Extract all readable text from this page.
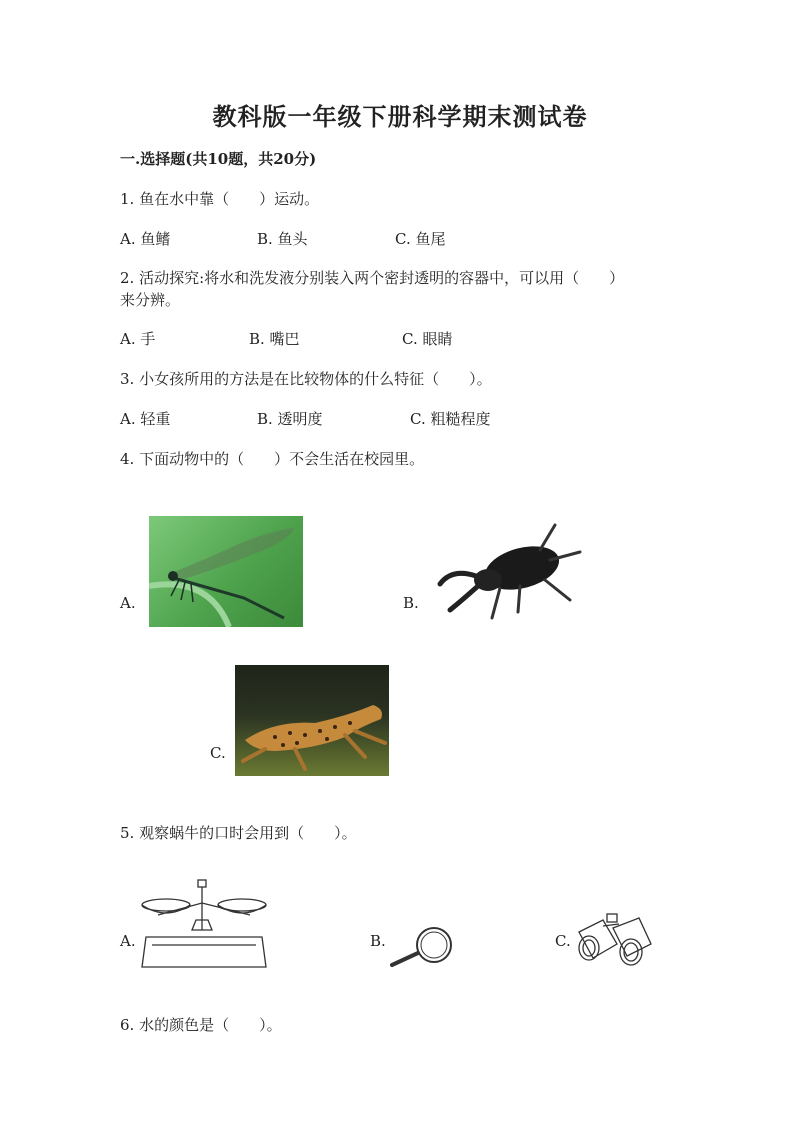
教科版一年级下册科学期末测试卷
一.选择题(共10题，共20分)
1. 鱼在水中靠（　　）运动。
A. 鱼鳍	B. 鱼头	C. 鱼尾
2. 活动探究:将水和洗发液分别装入两个密封透明的容器中，可以用（　　）
来分辨。
A. 手	B. 嘴巴	C. 眼睛
3. 小女孩所用的方法是在比较物体的什么特征（　　）。
A. 轻重	B. 透明度	C. 粗糙程度
4. 下面动物中的（　　）不会生活在校园里。
A.	B.
C.
5. 观察蜗牛的口时会用到（　　）。
A.	B.	C.
6. 水的颜色是（　　）。
